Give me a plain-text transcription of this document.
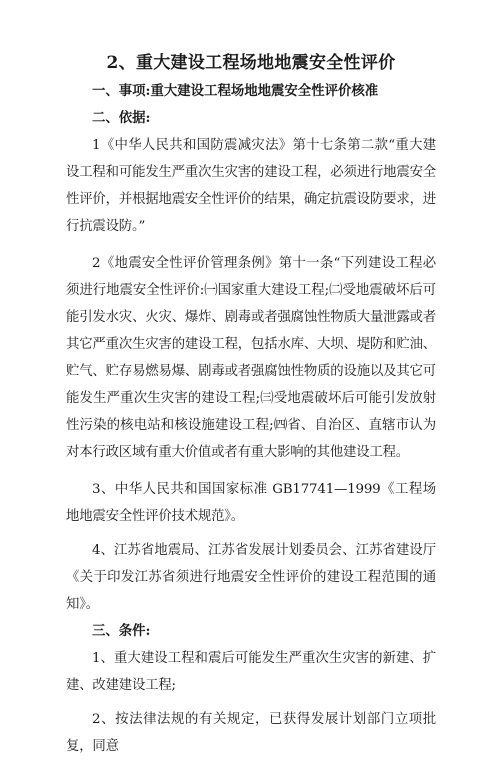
2、重大建设工程场地地震安全性评价

一、事项:重大建设工程场地地震安全性评价核准

二、依据:

1《中华人民共和国防震减灾法》第十七条第二款“重大建设工程和可能发生严重次生灾害的建设工程，必须进行地震安全性评价，并根据地震安全性评价的结果，确定抗震设防要求，进行抗震设防。”

2《地震安全性评价管理条例》第十一条“下列建设工程必须进行地震安全性评价:㈠国家重大建设工程;㈡受地震破坏后可能引发水灾、火灾、爆炸、剧毒或者强腐蚀性物质大量泄露或者其它严重次生灾害的建设工程，包括水库、大坝、堤防和贮油、贮气、贮存易燃易爆、剧毒或者强腐蚀性物质的设施以及其它可能发生严重次生灾害的建设工程;㈢受地震破坏后可能引发放射性污染的核电站和核设施建设工程;㈣省、自治区、直辖市认为对本行政区域有重大价值或者有重大影响的其他建设工程。

3、中华人民共和国国家标准 GB17741—1999《工程场地地震安全性评价技术规范》。

4、江苏省地震局、江苏省发展计划委员会、江苏省建设厅《关于印发江苏省须进行地震安全性评价的建设工程范围的通知》。

三、条件:

1、重大建设工程和震后可能发生严重次生灾害的新建、扩建、改建建设工程;

2、按法律法规的有关规定，已获得发展计划部门立项批复，同意
